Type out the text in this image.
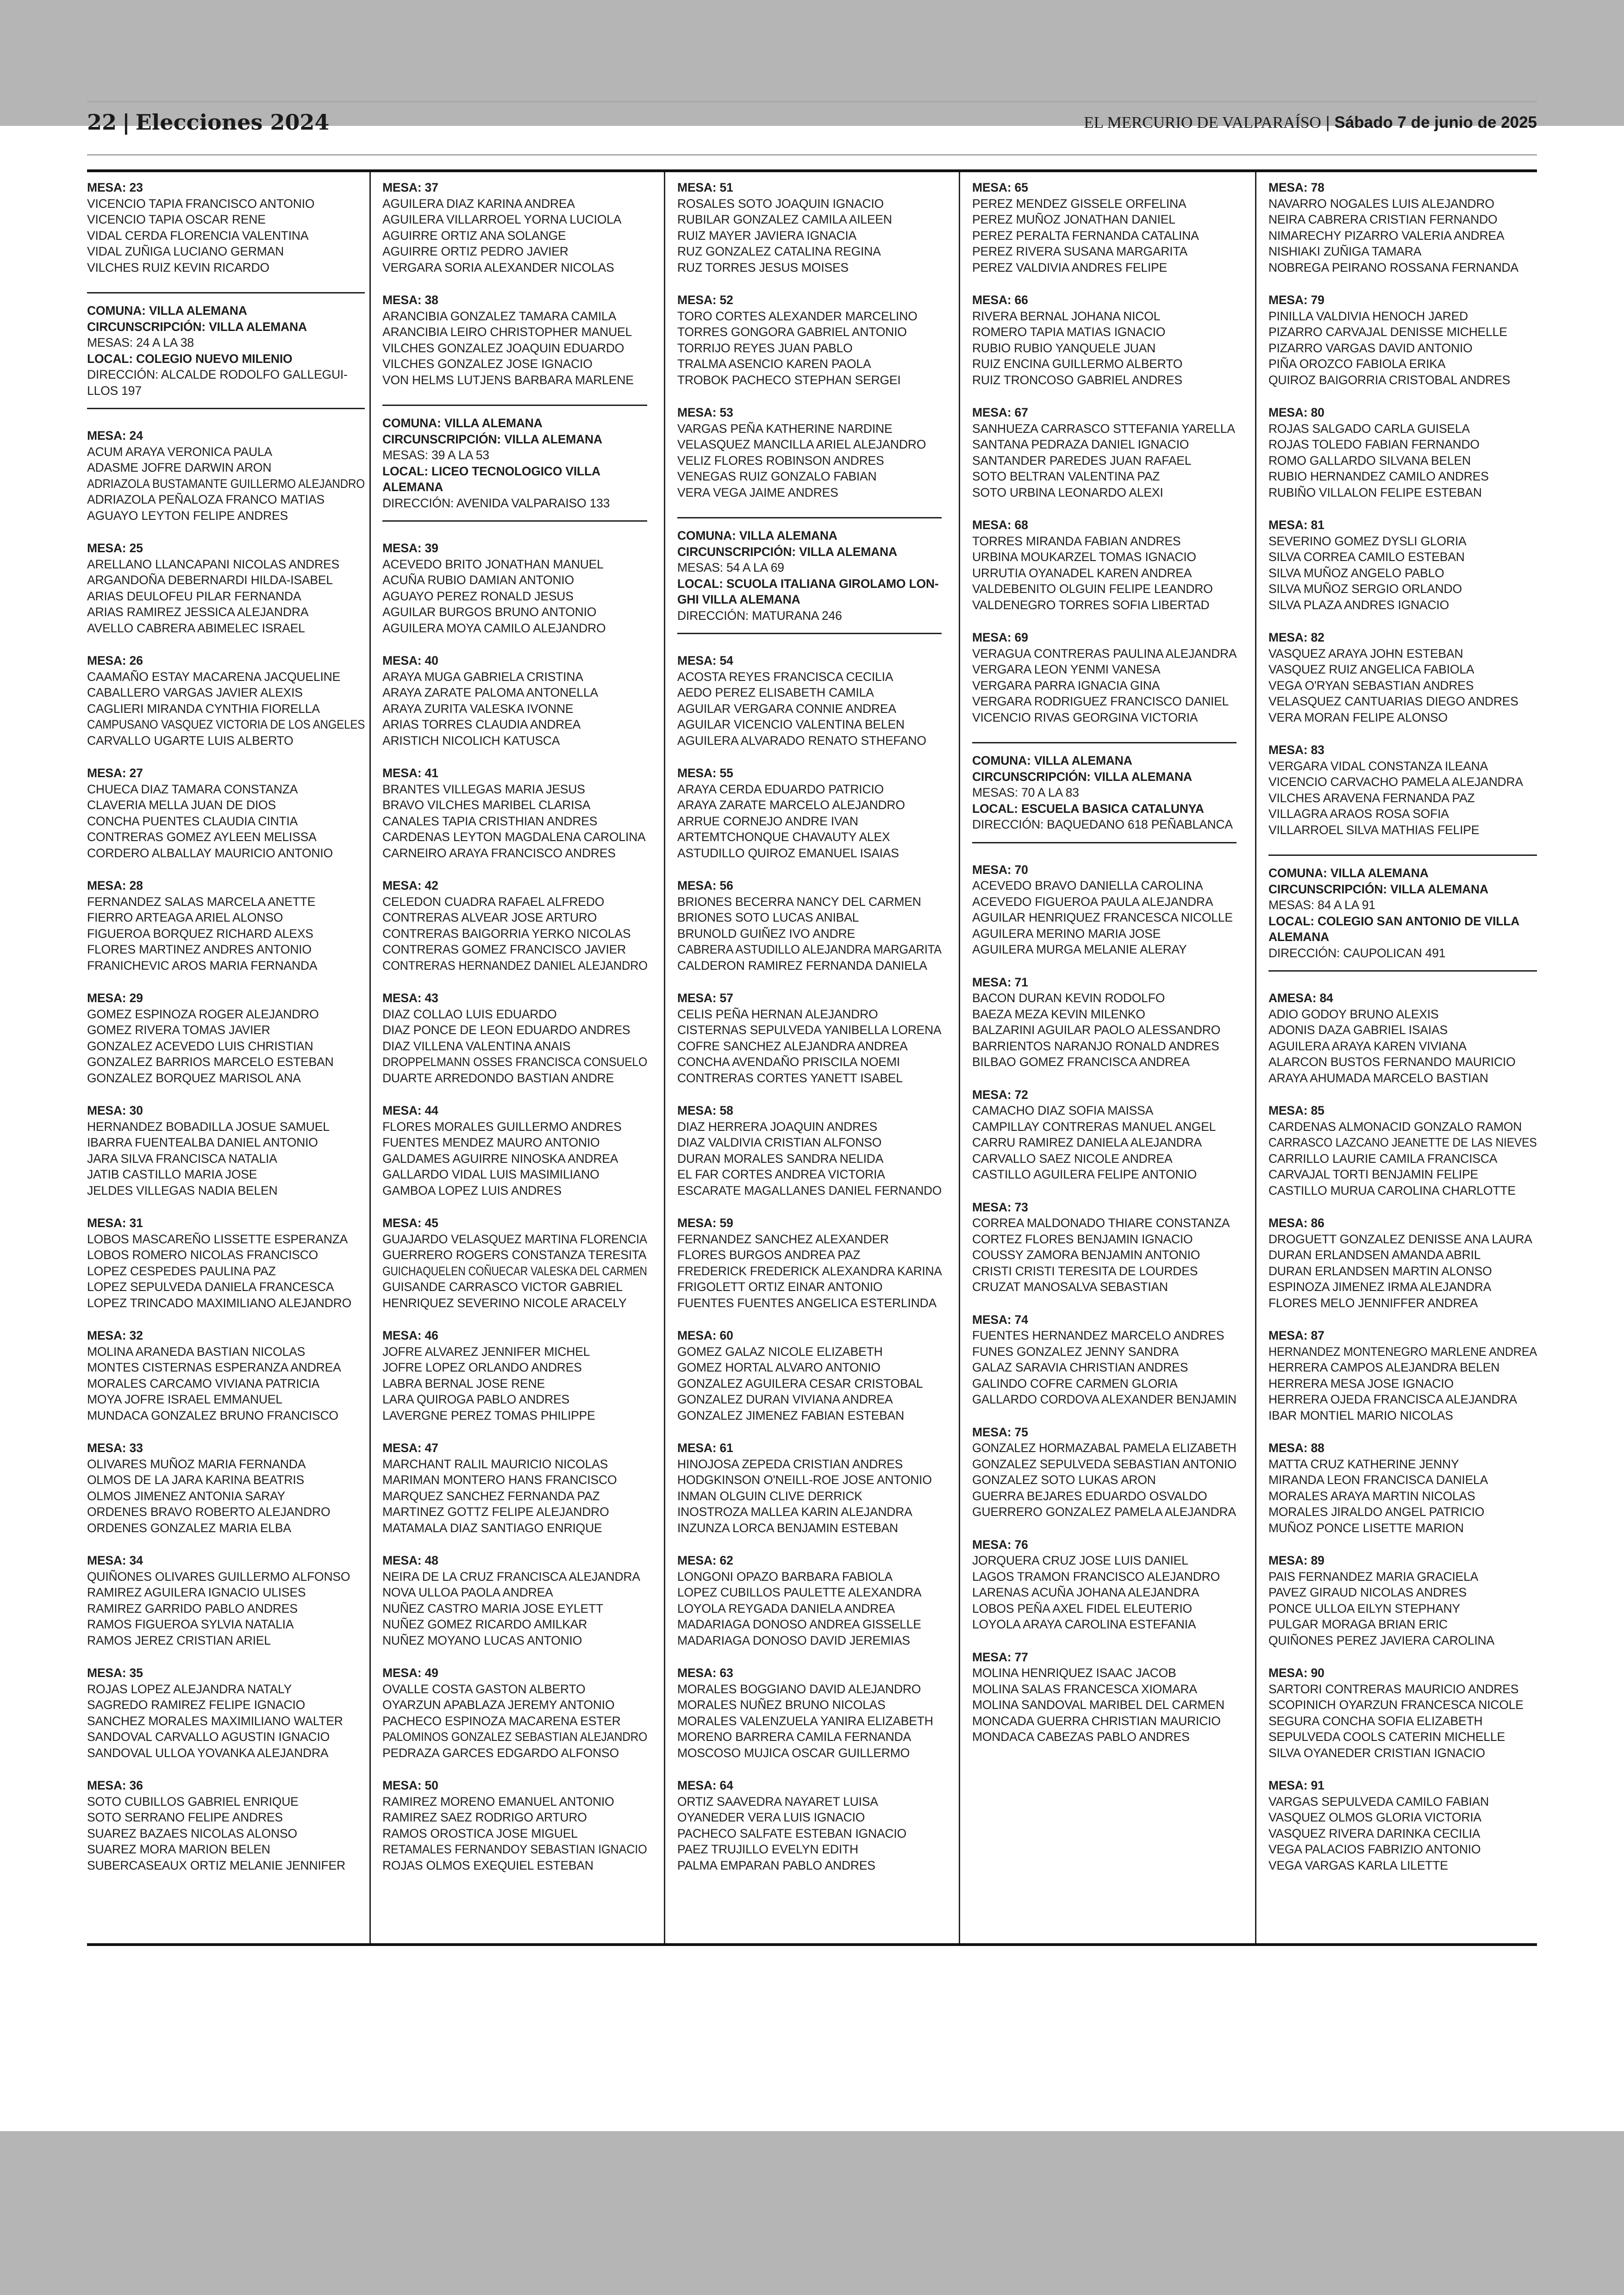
22 | Elecciones 2024	EL MERCURIO DE VALPARAÍSO | Sábado 7 de junio de 2025
MESA: 23
VICENCIO TAPIA FRANCISCO ANTONIO
VICENCIO TAPIA OSCAR RENE
VIDAL CERDA FLORENCIA VALENTINA
VIDAL ZUÑIGA LUCIANO GERMAN
VILCHES RUIZ KEVIN RICARDO
COMUNA: VILLA ALEMANA
CIRCUNSCRIPCIÓN: VILLA ALEMANA
MESAS: 24 A LA 38
LOCAL: COLEGIO NUEVO MILENIO
DIRECCIÓN: ALCALDE RODOLFO GALLEGUI-LLOS 197
MESA: 24
ACUM ARAYA VERONICA PAULA
ADASME JOFRE DARWIN ARON
ADRIAZOLA BUSTAMANTE GUILLERMO ALEJANDRO
ADRIAZOLA PEÑALOZA FRANCO MATIAS
AGUAYO LEYTON FELIPE ANDRES
MESA: 25
ARELLANO LLANCAPANI NICOLAS ANDRES
ARGANDOÑA DEBERNARDI HILDA-ISABEL
ARIAS DEULOFEU PILAR FERNANDA
ARIAS RAMIREZ JESSICA ALEJANDRA
AVELLO CABRERA ABIMELEC ISRAEL
MESA: 26
CAAMAÑO ESTAY MACARENA JACQUELINE
CABALLERO VARGAS JAVIER ALEXIS
CAGLIERI MIRANDA CYNTHIA FIORELLA
CAMPUSANO VASQUEZ VICTORIA DE LOS ANGELES
CARVALLO UGARTE LUIS ALBERTO
MESA: 27
CHUECA DIAZ TAMARA CONSTANZA
CLAVERIA MELLA JUAN DE DIOS
CONCHA PUENTES CLAUDIA CINTIA
CONTRERAS GOMEZ AYLEEN MELISSA
CORDERO ALBALLAY MAURICIO ANTONIO
MESA: 28
FERNANDEZ SALAS MARCELA ANETTE
FIERRO ARTEAGA ARIEL ALONSO
FIGUEROA BORQUEZ RICHARD ALEXS
FLORES MARTINEZ ANDRES ANTONIO
FRANICHEVIC AROS MARIA FERNANDA
MESA: 29
GOMEZ ESPINOZA ROGER ALEJANDRO
GOMEZ RIVERA TOMAS JAVIER
GONZALEZ ACEVEDO LUIS CHRISTIAN
GONZALEZ BARRIOS MARCELO ESTEBAN
GONZALEZ BORQUEZ MARISOL ANA
MESA: 30
HERNANDEZ BOBADILLA JOSUE SAMUEL
IBARRA FUENTEALBA DANIEL ANTONIO
JARA SILVA FRANCISCA NATALIA
JATIB CASTILLO MARIA JOSE
JELDES VILLEGAS NADIA BELEN
MESA: 31
LOBOS MASCAREÑO LISSETTE ESPERANZA
LOBOS ROMERO NICOLAS FRANCISCO
LOPEZ CESPEDES PAULINA PAZ
LOPEZ SEPULVEDA DANIELA FRANCESCA
LOPEZ TRINCADO MAXIMILIANO ALEJANDRO
MESA: 32
MOLINA ARANEDA BASTIAN NICOLAS
MONTES CISTERNAS ESPERANZA ANDREA
MORALES CARCAMO VIVIANA PATRICIA
MOYA JOFRE ISRAEL EMMANUEL
MUNDACA GONZALEZ BRUNO FRANCISCO
MESA: 33
OLIVARES MUÑOZ MARIA FERNANDA
OLMOS DE LA JARA KARINA BEATRIS
OLMOS JIMENEZ ANTONIA SARAY
ORDENES BRAVO ROBERTO ALEJANDRO
ORDENES GONZALEZ MARIA ELBA
MESA: 34
QUIÑONES OLIVARES GUILLERMO ALFONSO
RAMIREZ AGUILERA IGNACIO ULISES
RAMIREZ GARRIDO PABLO ANDRES
RAMOS FIGUEROA SYLVIA NATALIA
RAMOS JEREZ CRISTIAN ARIEL
MESA: 35
ROJAS LOPEZ ALEJANDRA NATALY
SAGREDO RAMIREZ FELIPE IGNACIO
SANCHEZ MORALES MAXIMILIANO WALTER
SANDOVAL CARVALLO AGUSTIN IGNACIO
SANDOVAL ULLOA YOVANKA ALEJANDRA
MESA: 36
SOTO CUBILLOS GABRIEL ENRIQUE
SOTO SERRANO FELIPE ANDRES
SUAREZ BAZAES NICOLAS ALONSO
SUAREZ MORA MARION BELEN
SUBERCASEAUX ORTIZ MELANIE JENNIFER
MESA: 37
AGUILERA DIAZ KARINA ANDREA
AGUILERA VILLARROEL YORNA LUCIOLA
AGUIRRE ORTIZ ANA SOLANGE
AGUIRRE ORTIZ PEDRO JAVIER
VERGARA SORIA ALEXANDER NICOLAS
MESA: 38
ARANCIBIA GONZALEZ TAMARA CAMILA
ARANCIBIA LEIRO CHRISTOPHER MANUEL
VILCHES GONZALEZ JOAQUIN EDUARDO
VILCHES GONZALEZ JOSE IGNACIO
VON HELMS LUTJENS BARBARA MARLENE
COMUNA: VILLA ALEMANA
CIRCUNSCRIPCIÓN: VILLA ALEMANA
MESAS: 39 A LA 53
LOCAL: LICEO TECNOLOGICO VILLA ALEMANA
DIRECCIÓN: AVENIDA VALPARAISO 133
MESA: 39
ACEVEDO BRITO JONATHAN MANUEL
ACUÑA RUBIO DAMIAN ANTONIO
AGUAYO PEREZ RONALD JESUS
AGUILAR BURGOS BRUNO ANTONIO
AGUILERA MOYA CAMILO ALEJANDRO
MESA: 40
ARAYA MUGA GABRIELA CRISTINA
ARAYA ZARATE PALOMA ANTONELLA
ARAYA ZURITA VALESKA IVONNE
ARIAS TORRES CLAUDIA ANDREA
ARISTICH NICOLICH KATUSCA
MESA: 41
BRANTES VILLEGAS MARIA JESUS
BRAVO VILCHES MARIBEL CLARISA
CANALES TAPIA CRISTHIAN ANDRES
CARDENAS LEYTON MAGDALENA CAROLINA
CARNEIRO ARAYA FRANCISCO ANDRES
MESA: 42
CELEDON CUADRA RAFAEL ALFREDO
CONTRERAS ALVEAR JOSE ARTURO
CONTRERAS BAIGORRIA YERKO NICOLAS
CONTRERAS GOMEZ FRANCISCO JAVIER
CONTRERAS HERNANDEZ DANIEL ALEJANDRO
MESA: 43
DIAZ COLLAO LUIS EDUARDO
DIAZ PONCE DE LEON EDUARDO ANDRES
DIAZ VILLENA VALENTINA ANAIS
DROPPELMANN OSSES FRANCISCA CONSUELO
DUARTE ARREDONDO BASTIAN ANDRE
MESA: 44
FLORES MORALES GUILLERMO ANDRES
FUENTES MENDEZ MAURO ANTONIO
GALDAMES AGUIRRE NINOSKA ANDREA
GALLARDO VIDAL LUIS MASIMILIANO
GAMBOA LOPEZ LUIS ANDRES
MESA: 45
GUAJARDO VELASQUEZ MARTINA FLORENCIA
GUERRERO ROGERS CONSTANZA TERESITA
GUICHAQUELEN COÑUECAR VALESKA DEL CARMEN
GUISANDE CARRASCO VICTOR GABRIEL
HENRIQUEZ SEVERINO NICOLE ARACELY
MESA: 46
JOFRE ALVAREZ JENNIFER MICHEL
JOFRE LOPEZ ORLANDO ANDRES
LABRA BERNAL JOSE RENE
LARA QUIROGA PABLO ANDRES
LAVERGNE PEREZ TOMAS PHILIPPE
MESA: 47
MARCHANT RALIL MAURICIO NICOLAS
MARIMAN MONTERO HANS FRANCISCO
MARQUEZ SANCHEZ FERNANDA PAZ
MARTINEZ GOTTZ FELIPE ALEJANDRO
MATAMALA DIAZ SANTIAGO ENRIQUE
MESA: 48
NEIRA DE LA CRUZ FRANCISCA ALEJANDRA
NOVA ULLOA PAOLA ANDREA
NUÑEZ CASTRO MARIA JOSE EYLETT
NUÑEZ GOMEZ RICARDO AMILKAR
NUÑEZ MOYANO LUCAS ANTONIO
MESA: 49
OVALLE COSTA GASTON ALBERTO
OYARZUN APABLAZA JEREMY ANTONIO
PACHECO ESPINOZA MACARENA ESTER
PALOMINOS GONZALEZ SEBASTIAN ALEJANDRO
PEDRAZA GARCES EDGARDO ALFONSO
MESA: 50
RAMIREZ MORENO EMANUEL ANTONIO
RAMIREZ SAEZ RODRIGO ARTURO
RAMOS OROSTICA JOSE MIGUEL
RETAMALES FERNANDOY SEBASTIAN IGNACIO
ROJAS OLMOS EXEQUIEL ESTEBAN
MESA: 51
ROSALES SOTO JOAQUIN IGNACIO
RUBILAR GONZALEZ CAMILA AILEEN
RUIZ MAYER JAVIERA IGNACIA
RUZ GONZALEZ CATALINA REGINA
RUZ TORRES JESUS MOISES
MESA: 52
TORO CORTES ALEXANDER MARCELINO
TORRES GONGORA GABRIEL ANTONIO
TORRIJO REYES JUAN PABLO
TRALMA ASENCIO KAREN PAOLA
TROBOK PACHECO STEPHAN SERGEI
MESA: 53
VARGAS PEÑA KATHERINE NARDINE
VELASQUEZ MANCILLA ARIEL ALEJANDRO
VELIZ FLORES ROBINSON ANDRES
VENEGAS RUIZ GONZALO FABIAN
VERA VEGA JAIME ANDRES
COMUNA: VILLA ALEMANA
CIRCUNSCRIPCIÓN: VILLA ALEMANA
MESAS: 54 A LA 69
LOCAL: SCUOLA ITALIANA GIROLAMO LON-GHI VILLA ALEMANA
DIRECCIÓN: MATURANA 246
MESA: 54
ACOSTA REYES FRANCISCA CECILIA
AEDO PEREZ ELISABETH CAMILA
AGUILAR VERGARA CONNIE ANDREA
AGUILAR VICENCIO VALENTINA BELEN
AGUILERA ALVARADO RENATO STHEFANO
MESA: 55
ARAYA CERDA EDUARDO PATRICIO
ARAYA ZARATE MARCELO ALEJANDRO
ARRUE CORNEJO ANDRE IVAN
ARTEMTCHONQUE CHAVAUTY ALEX
ASTUDILLO QUIROZ EMANUEL ISAIAS
MESA: 56
BRIONES BECERRA NANCY DEL CARMEN
BRIONES SOTO LUCAS ANIBAL
BRUNOLD GUIÑEZ IVO ANDRE
CABRERA ASTUDILLO ALEJANDRA MARGARITA
CALDERON RAMIREZ FERNANDA DANIELA
MESA: 57
CELIS PEÑA HERNAN ALEJANDRO
CISTERNAS SEPULVEDA YANIBELLA LORENA
COFRE SANCHEZ ALEJANDRA ANDREA
CONCHA AVENDAÑO PRISCILA NOEMI
CONTRERAS CORTES YANETT ISABEL
MESA: 58
DIAZ HERRERA JOAQUIN ANDRES
DIAZ VALDIVIA CRISTIAN ALFONSO
DURAN MORALES SANDRA NELIDA
EL FAR CORTES ANDREA VICTORIA
ESCARATE MAGALLANES DANIEL FERNANDO
MESA: 59
FERNANDEZ SANCHEZ ALEXANDER
FLORES BURGOS ANDREA PAZ
FREDERICK FREDERICK ALEXANDRA KARINA
FRIGOLETT ORTIZ EINAR ANTONIO
FUENTES FUENTES ANGELICA ESTERLINDA
MESA: 60
GOMEZ GALAZ NICOLE ELIZABETH
GOMEZ HORTAL ALVARO ANTONIO
GONZALEZ AGUILERA CESAR CRISTOBAL
GONZALEZ DURAN VIVIANA ANDREA
GONZALEZ JIMENEZ FABIAN ESTEBAN
MESA: 61
HINOJOSA ZEPEDA CRISTIAN ANDRES
HODGKINSON O'NEILL-ROE JOSE ANTONIO
INMAN OLGUIN CLIVE DERRICK
INOSTROZA MALLEA KARIN ALEJANDRA
INZUNZA LORCA BENJAMIN ESTEBAN
MESA: 62
LONGONI OPAZO BARBARA FABIOLA
LOPEZ CUBILLOS PAULETTE ALEXANDRA
LOYOLA REYGADA DANIELA ANDREA
MADARIAGA DONOSO ANDREA GISSELLE
MADARIAGA DONOSO DAVID JEREMIAS
MESA: 63
MORALES BOGGIANO DAVID ALEJANDRO
MORALES NUÑEZ BRUNO NICOLAS
MORALES VALENZUELA YANIRA ELIZABETH
MORENO BARRERA CAMILA FERNANDA
MOSCOSO MUJICA OSCAR GUILLERMO
MESA: 64
ORTIZ SAAVEDRA NAYARET LUISA
OYANEDER VERA LUIS IGNACIO
PACHECO SALFATE ESTEBAN IGNACIO
PAEZ TRUJILLO EVELYN EDITH
PALMA EMPARAN PABLO ANDRES
MESA: 65
PEREZ MENDEZ GISSELE ORFELINA
PEREZ MUÑOZ JONATHAN DANIEL
PEREZ PERALTA FERNANDA CATALINA
PEREZ RIVERA SUSANA MARGARITA
PEREZ VALDIVIA ANDRES FELIPE
MESA: 66
RIVERA BERNAL JOHANA NICOL
ROMERO TAPIA MATIAS IGNACIO
RUBIO RUBIO YANQUELE JUAN
RUIZ ENCINA GUILLERMO ALBERTO
RUIZ TRONCOSO GABRIEL ANDRES
MESA: 67
SANHUEZA CARRASCO STTEFANIA YARELLA
SANTANA PEDRAZA DANIEL IGNACIO
SANTANDER PAREDES JUAN RAFAEL
SOTO BELTRAN VALENTINA PAZ
SOTO URBINA LEONARDO ALEXI
MESA: 68
TORRES MIRANDA FABIAN ANDRES
URBINA MOUKARZEL TOMAS IGNACIO
URRUTIA OYANADEL KAREN ANDREA
VALDEBENITO OLGUIN FELIPE LEANDRO
VALDENEGRO TORRES SOFIA LIBERTAD
MESA: 69
VERAGUA CONTRERAS PAULINA ALEJANDRA
VERGARA LEON YENMI VANESA
VERGARA PARRA IGNACIA GINA
VERGARA RODRIGUEZ FRANCISCO DANIEL
VICENCIO RIVAS GEORGINA VICTORIA
COMUNA: VILLA ALEMANA
CIRCUNSCRIPCIÓN: VILLA ALEMANA
MESAS: 70 A LA 83
LOCAL: ESCUELA BASICA CATALUNYA
DIRECCIÓN: BAQUEDANO 618 PEÑABLANCA
MESA: 70
ACEVEDO BRAVO DANIELLA CAROLINA
ACEVEDO FIGUEROA PAULA ALEJANDRA
AGUILAR HENRIQUEZ FRANCESCA NICOLLE
AGUILERA MERINO MARIA JOSE
AGUILERA MURGA MELANIE ALERAY
MESA: 71
BACON DURAN KEVIN RODOLFO
BAEZA MEZA KEVIN MILENKO
BALZARINI AGUILAR PAOLO ALESSANDRO
BARRIENTOS NARANJO RONALD ANDRES
BILBAO GOMEZ FRANCISCA ANDREA
MESA: 72
CAMACHO DIAZ SOFIA MAISSA
CAMPILLAY CONTRERAS MANUEL ANGEL
CARRU RAMIREZ DANIELA ALEJANDRA
CARVALLO SAEZ NICOLE ANDREA
CASTILLO AGUILERA FELIPE ANTONIO
MESA: 73
CORREA MALDONADO THIARE CONSTANZA
CORTEZ FLORES BENJAMIN IGNACIO
COUSSY ZAMORA BENJAMIN ANTONIO
CRISTI CRISTI TERESITA DE LOURDES
CRUZAT MANOSALVA SEBASTIAN
MESA: 74
FUENTES HERNANDEZ MARCELO ANDRES
FUNES GONZALEZ JENNY SANDRA
GALAZ SARAVIA CHRISTIAN ANDRES
GALINDO COFRE CARMEN GLORIA
GALLARDO CORDOVA ALEXANDER BENJAMIN
MESA: 75
GONZALEZ HORMAZABAL PAMELA ELIZABETH
GONZALEZ SEPULVEDA SEBASTIAN ANTONIO
GONZALEZ SOTO LUKAS ARON
GUERRA BEJARES EDUARDO OSVALDO
GUERRERO GONZALEZ PAMELA ALEJANDRA
MESA: 76
JORQUERA CRUZ JOSE LUIS DANIEL
LAGOS TRAMON FRANCISCO ALEJANDRO
LARENAS ACUÑA JOHANA ALEJANDRA
LOBOS PEÑA AXEL FIDEL ELEUTERIO
LOYOLA ARAYA CAROLINA ESTEFANIA
MESA: 77
MOLINA HENRIQUEZ ISAAC JACOB
MOLINA SALAS FRANCESCA XIOMARA
MOLINA SANDOVAL MARIBEL DEL CARMEN
MONCADA GUERRA CHRISTIAN MAURICIO
MONDACA CABEZAS PABLO ANDRES
MESA: 78
NAVARRO NOGALES LUIS ALEJANDRO
NEIRA CABRERA CRISTIAN FERNANDO
NIMARECHY PIZARRO VALERIA ANDREA
NISHIAKI ZUÑIGA TAMARA
NOBREGA PEIRANO ROSSANA FERNANDA
MESA: 79
PINILLA VALDIVIA HENOCH JARED
PIZARRO CARVAJAL DENISSE MICHELLE
PIZARRO VARGAS DAVID ANTONIO
PIÑA OROZCO FABIOLA ERIKA
QUIROZ BAIGORRIA CRISTOBAL ANDRES
MESA: 80
ROJAS SALGADO CARLA GUISELA
ROJAS TOLEDO FABIAN FERNANDO
ROMO GALLARDO SILVANA BELEN
RUBIO HERNANDEZ CAMILO ANDRES
RUBIÑO VILLALON FELIPE ESTEBAN
MESA: 81
SEVERINO GOMEZ DYSLI GLORIA
SILVA CORREA CAMILO ESTEBAN
SILVA MUÑOZ ANGELO PABLO
SILVA MUÑOZ SERGIO ORLANDO
SILVA PLAZA ANDRES IGNACIO
MESA: 82
VASQUEZ ARAYA JOHN ESTEBAN
VASQUEZ RUIZ ANGELICA FABIOLA
VEGA O'RYAN SEBASTIAN ANDRES
VELASQUEZ CANTUARIAS DIEGO ANDRES
VERA MORAN FELIPE ALONSO
MESA: 83
VERGARA VIDAL CONSTANZA ILEANA
VICENCIO CARVACHO PAMELA ALEJANDRA
VILCHES ARAVENA FERNANDA PAZ
VILLAGRA ARAOS ROSA SOFIA
VILLARROEL SILVA MATHIAS FELIPE
COMUNA: VILLA ALEMANA
CIRCUNSCRIPCIÓN: VILLA ALEMANA
MESAS: 84 A LA 91
LOCAL: COLEGIO SAN ANTONIO DE VILLA ALEMANA
DIRECCIÓN: CAUPOLICAN 491
AMESA: 84
ADIO GODOY BRUNO ALEXIS
ADONIS DAZA GABRIEL ISAIAS
AGUILERA ARAYA KAREN VIVIANA
ALARCON BUSTOS FERNANDO MAURICIO
ARAYA AHUMADA MARCELO BASTIAN
MESA: 85
CARDENAS ALMONACID GONZALO RAMON
CARRASCO LAZCANO JEANETTE DE LAS NIEVES
CARRILLO LAURIE CAMILA FRANCISCA
CARVAJAL TORTI BENJAMIN FELIPE
CASTILLO MURUA CAROLINA CHARLOTTE
MESA: 86
DROGUETT GONZALEZ DENISSE ANA LAURA
DURAN ERLANDSEN AMANDA ABRIL
DURAN ERLANDSEN MARTIN ALONSO
ESPINOZA JIMENEZ IRMA ALEJANDRA
FLORES MELO JENNIFFER ANDREA
MESA: 87
HERNANDEZ MONTENEGRO MARLENE ANDREA
HERRERA CAMPOS ALEJANDRA BELEN
HERRERA MESA JOSE IGNACIO
HERRERA OJEDA FRANCISCA ALEJANDRA
IBAR MONTIEL MARIO NICOLAS
MESA: 88
MATTA CRUZ KATHERINE JENNY
MIRANDA LEON FRANCISCA DANIELA
MORALES ARAYA MARTIN NICOLAS
MORALES JIRALDO ANGEL PATRICIO
MUÑOZ PONCE LISETTE MARION
MESA: 89
PAIS FERNANDEZ MARIA GRACIELA
PAVEZ GIRAUD NICOLAS ANDRES
PONCE ULLOA EILYN STEPHANY
PULGAR MORAGA BRIAN ERIC
QUIÑONES PEREZ JAVIERA CAROLINA
MESA: 90
SARTORI CONTRERAS MAURICIO ANDRES
SCOPINICH OYARZUN FRANCESCA NICOLE
SEGURA CONCHA SOFIA ELIZABETH
SEPULVEDA COOLS CATERIN MICHELLE
SILVA OYANEDER CRISTIAN IGNACIO
MESA: 91
VARGAS SEPULVEDA CAMILO FABIAN
VASQUEZ OLMOS GLORIA VICTORIA
VASQUEZ RIVERA DARINKA CECILIA
VEGA PALACIOS FABRIZIO ANTONIO
VEGA VARGAS KARLA LILETTE
